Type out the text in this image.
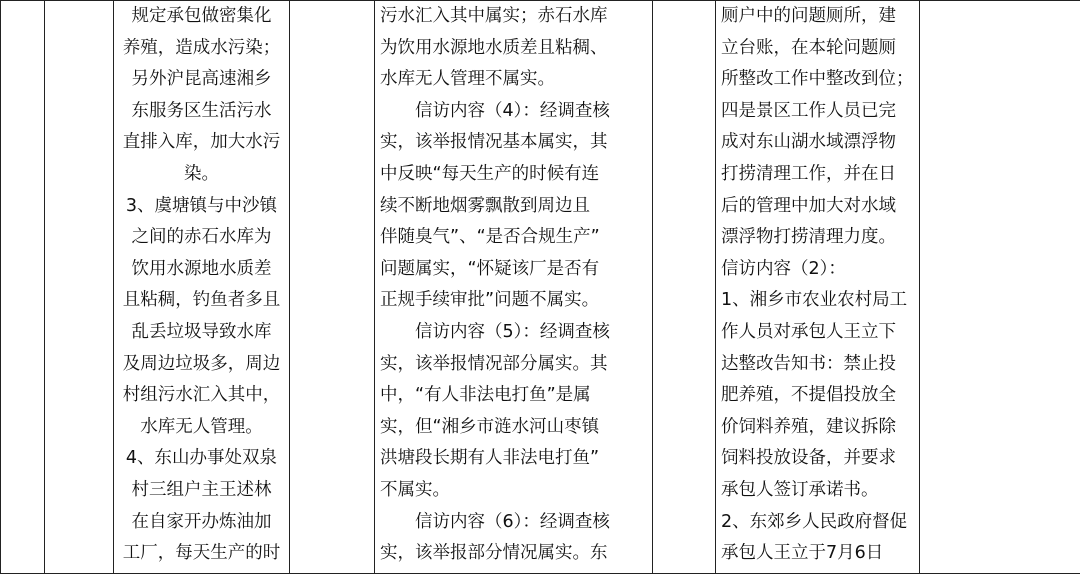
规定承包做密集化
养殖，造成水污染；
另外沪昆高速湘乡
东服务区生活污水
直排入库，加大水污
染。
3、虞塘镇与中沙镇
之间的赤石水库为
饮用水源地水质差
且粘稠，钓鱼者多且
乱丢垃圾导致水库
及周边垃圾多，周边
村组污水汇入其中，
水库无人管理。
4、东山办事处双泉
村三组户主王述林
在自家开办炼油加
工厂，每天生产的时

污水汇入其中属实；赤石水库
为饮用水源地水质差且粘稠、
水库无人管理不属实。
　　信访内容（4）：经调查核
实，该举报情况基本属实，其
中反映“每天生产的时候有连
续不断地烟雾飘散到周边且
伴随臭气”、“是否合规生产”
问题属实，“怀疑该厂是否有
正规手续审批”问题不属实。
　　信访内容（5）：经调查核
实，该举报情况部分属实。其
中，“有人非法电打鱼”是属
实，但“湘乡市涟水河山枣镇
洪塘段长期有人非法电打鱼”
不属实。
　　信访内容（6）：经调查核
实，该举报部分情况属实。东

厕户中的问题厕所，建
立台账，在本轮问题厕
所整改工作中整改到位；
四是景区工作人员已完
成对东山湖水域漂浮物
打捞清理工作，并在日
后的管理中加大对水域
漂浮物打捞清理力度。
信访内容（2）：
1、湘乡市农业农村局工
作人员对承包人王立下
达整改告知书：禁止投
肥养殖，不提倡投放全
价饲料养殖，建议拆除
饲料投放设备，并要求
承包人签订承诺书。
2、东郊乡人民政府督促
承包人王立于7月6日
